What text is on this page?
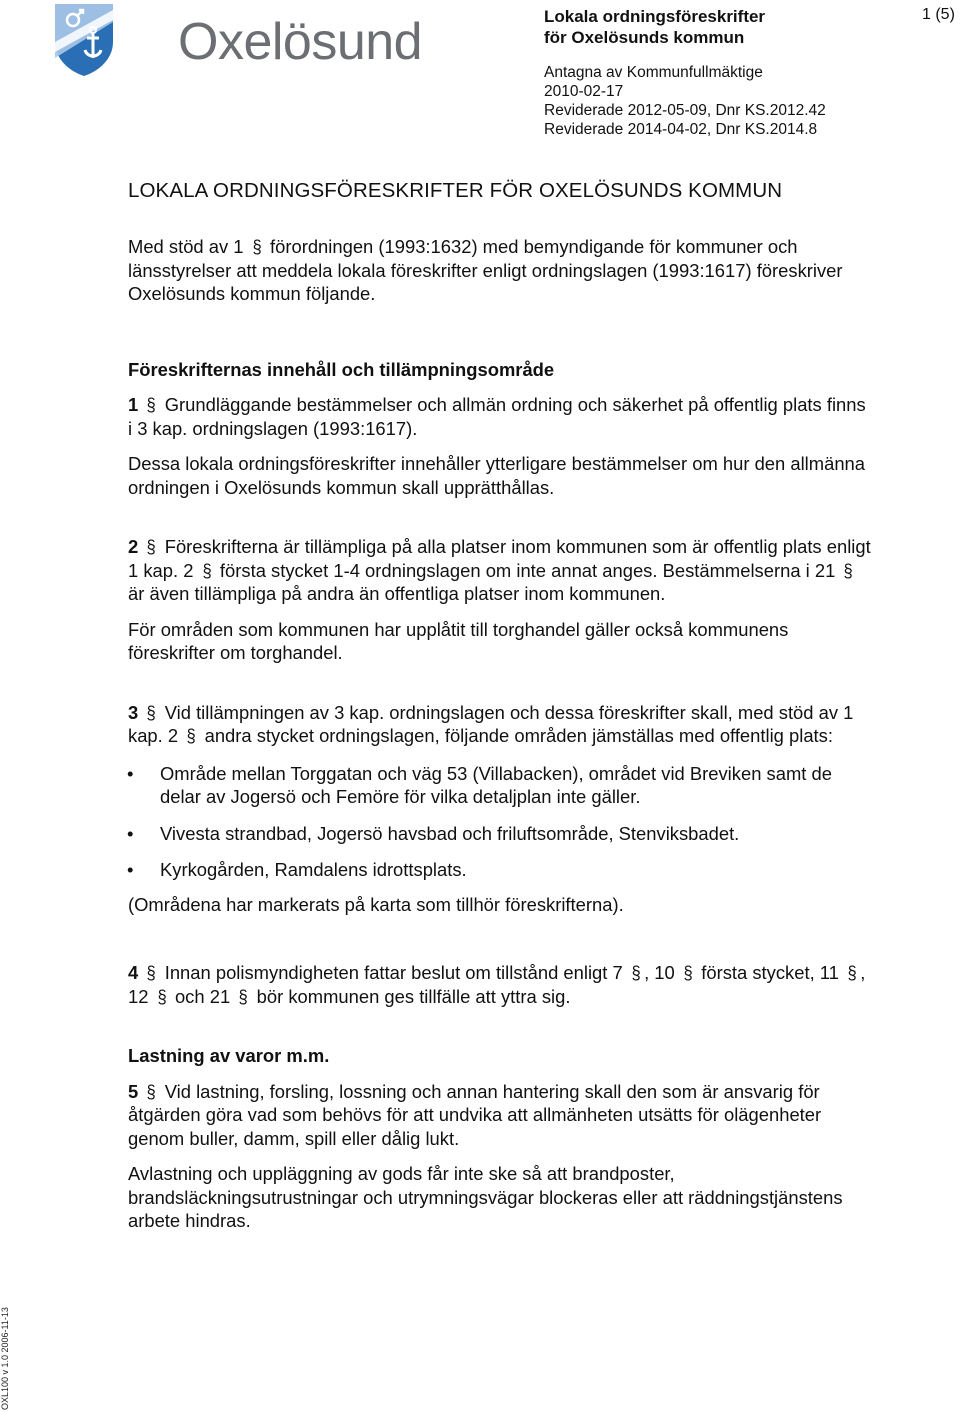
Oxelösund	Lokala ordningsföreskrifter
för Oxelösunds kommun
Antagna av Kommunfullmäktige
2010-02-17
Reviderade 2012-05-09, Dnr KS.2012.42
Reviderade 2014-04-02, Dnr KS.2014.8
1 (5)
LOKALA ORDNINGSFÖRESKRIFTER FÖR OXELÖSUNDS KOMMUN

Med stöd av 1 § förordningen (1993:1632) med bemyndigande för kommuner och länsstyrelser att meddela lokala föreskrifter enligt ordningslagen (1993:1617) föreskriver Oxelösunds kommun följande.

Föreskrifternas innehåll och tillämpningsområde

1 § Grundläggande bestämmelser och allmän ordning och säkerhet på offentlig plats finns i 3 kap. ordningslagen (1993:1617).

Dessa lokala ordningsföreskrifter innehåller ytterligare bestämmelser om hur den allmänna ordningen i Oxelösunds kommun skall upprätthållas.

2 § Föreskrifterna är tillämpliga på alla platser inom kommunen som är offentlig plats enligt 1 kap. 2 § första stycket 1-4 ordningslagen om inte annat anges. Bestämmelserna i 21 § är även tillämpliga på andra än offentliga platser inom kommunen.

För områden som kommunen har upplåtit till torghandel gäller också kommunens föreskrifter om torghandel.

3 § Vid tillämpningen av 3 kap. ordningslagen och dessa föreskrifter skall, med stöd av 1 kap. 2 § andra stycket ordningslagen, följande områden jämställas med offentlig plats:

• Område mellan Torggatan och väg 53 (Villabacken), området vid Breviken samt de delar av Jogersö och Femöre för vilka detaljplan inte gäller.
• Vivesta strandbad, Jogersö havsbad och friluftsområde, Stenviksbadet.
• Kyrkogården, Ramdalens idrottsplats.

(Områdena har markerats på karta som tillhör föreskrifterna).

4 § Innan polismyndigheten fattar beslut om tillstånd enligt 7 § , 10 § första stycket, 11 § , 12 § och 21 § bör kommunen ges tillfälle att yttra sig.

Lastning av varor m.m.

5 § Vid lastning, forsling, lossning och annan hantering skall den som är ansvarig för åtgärden göra vad som behövs för att undvika att allmänheten utsätts för olägenheter genom buller, damm, spill eller dålig lukt.

Avlastning och uppläggning av gods får inte ske så att brandposter, brandsläckningsutrustningar och utrymningsvägar blockeras eller att räddningstjänstens arbete hindras.

OXL100 v 1.0 2006-11-13
